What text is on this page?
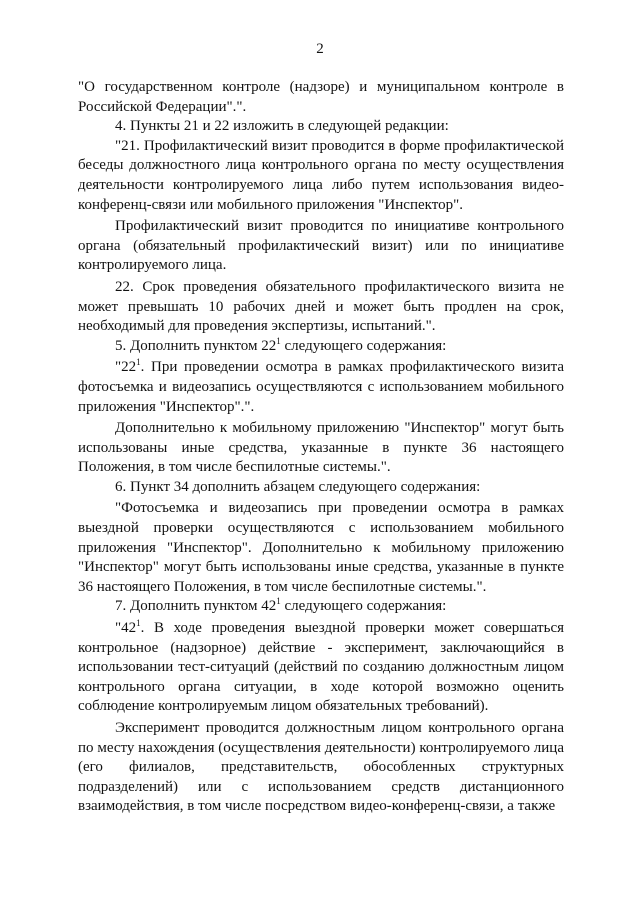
2

"О государственном контроле (надзоре) и муниципальном контроле в Российской Федерации".".

4. Пункты 21 и 22 изложить в следующей редакции:

"21. Профилактический визит проводится в форме профилактической беседы должностного лица контрольного органа по месту осуществления деятельности контролируемого лица либо путем использования видео-конференц-связи или мобильного приложения "Инспектор".

Профилактический визит проводится по инициативе контрольного органа (обязательный профилактический визит) или по инициативе контролируемого лица.

22. Срок проведения обязательного профилактического визита не может превышать 10 рабочих дней и может быть продлен на срок, необходимый для проведения экспертизы, испытаний.".

5. Дополнить пунктом $22^1$ следующего содержания:

"$22^1$. При проведении осмотра в рамках профилактического визита фотосъемка и видеозапись осуществляются с использованием мобильного приложения "Инспектор".".

Дополнительно к мобильному приложению "Инспектор" могут быть использованы иные средства, указанные в пункте 36 настоящего Положения, в том числе беспилотные системы.".

6. Пункт 34 дополнить абзацем следующего содержания:

"Фотосъемка и видеозапись при проведении осмотра в рамках выездной проверки осуществляются с использованием мобильного приложения "Инспектор". Дополнительно к мобильному приложению "Инспектор" могут быть использованы иные средства, указанные в пункте 36 настоящего Положения, в том числе беспилотные системы.".

7. Дополнить пунктом $42^1$ следующего содержания:

"$42^1$. В ходе проведения выездной проверки может совершаться контрольное (надзорное) действие - эксперимент, заключающийся в использовании тест-ситуаций (действий по созданию должностным лицом контрольного органа ситуации, в ходе которой возможно оценить соблюдение контролируемым лицом обязательных требований).

Эксперимент проводится должностным лицом контрольного органа по месту нахождения (осуществления деятельности) контролируемого лица (его филиалов, представительств, обособленных структурных подразделений) или с использованием средств дистанционного взаимодействия, в том числе посредством видео-конференц-связи, а также
